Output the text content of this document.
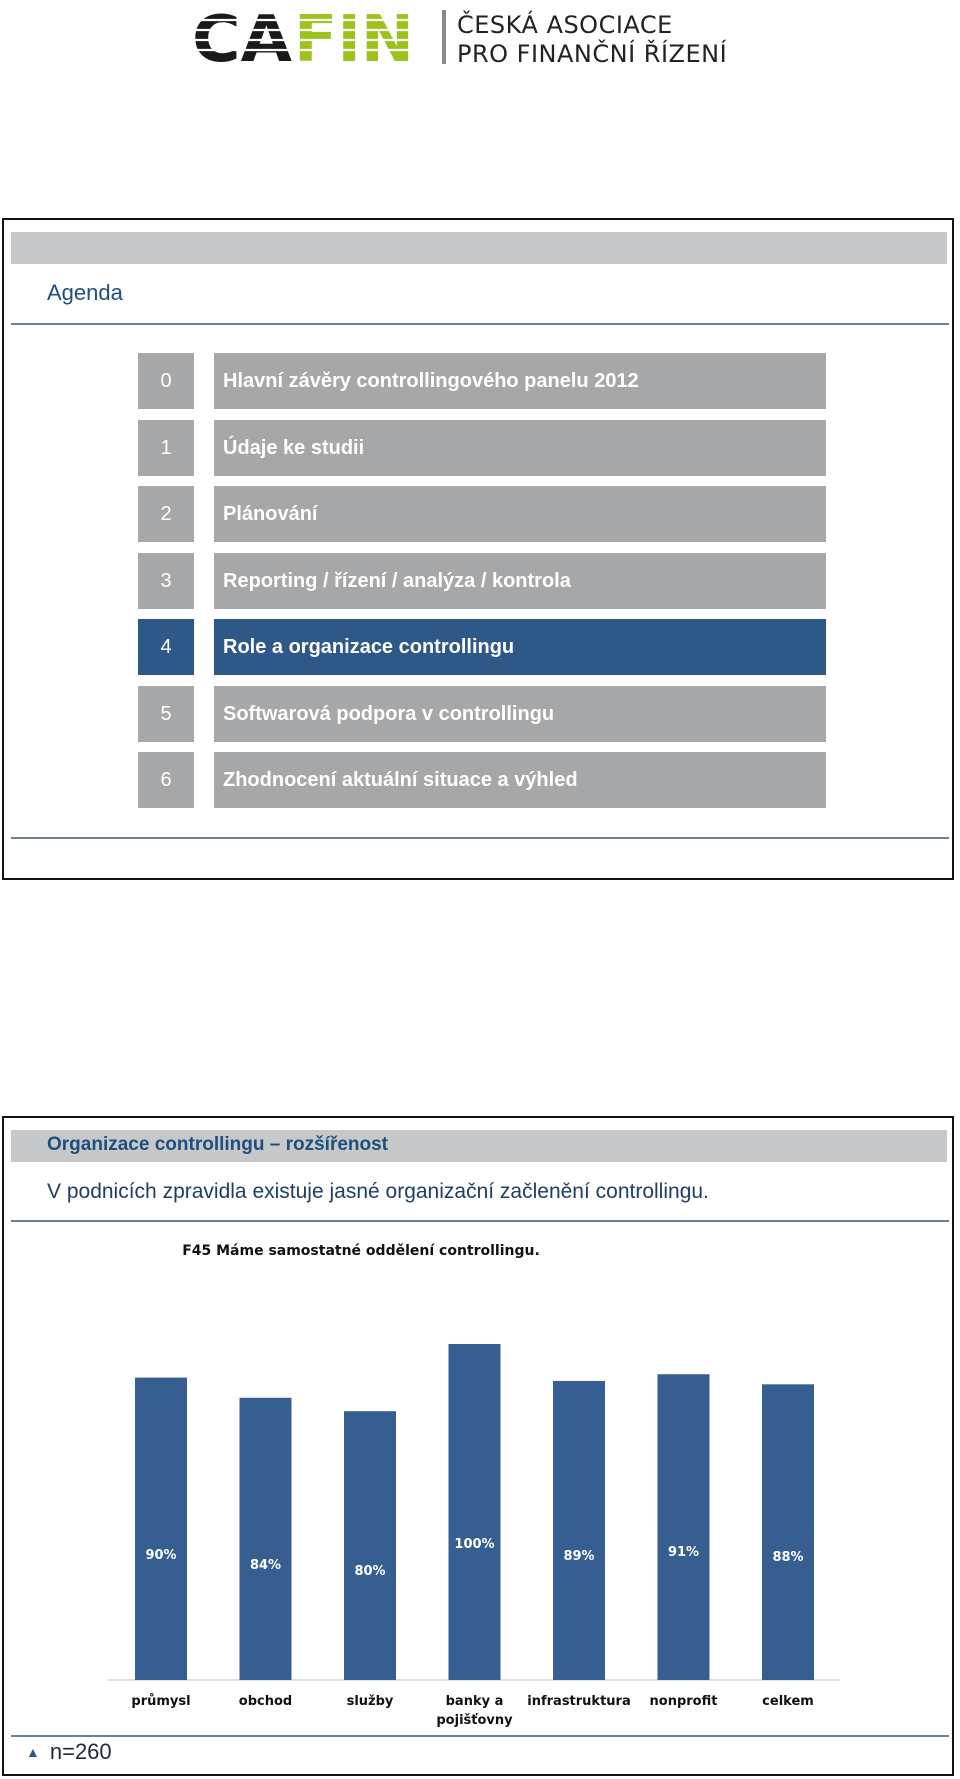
CA FIN ČESKÁ ASOCIACE
PRO FINANČNÍ ŘÍZENÍ
Agenda
0	Hlavní závěry controllingového panelu 2012
1	Údaje ke studii
2	Plánování
3	Reporting / řízení / analýza / kontrola
4	Role a organizace controllingu
5	Softwarová podpora v controllingu
6	Zhodnocení aktuální situace a výhled
Organizace controllingu – rozšířenost
V podnicích zpravidla existuje jasné organizační začlenění controllingu.
F45 Máme samostatné oddělení controllingu.
90%
průmysl
84%
obchod
80%
služby
100%
banky a
pojišťovny
89%
infrastruktura
91%
nonprofit
88%
celkem
▲ n=260
